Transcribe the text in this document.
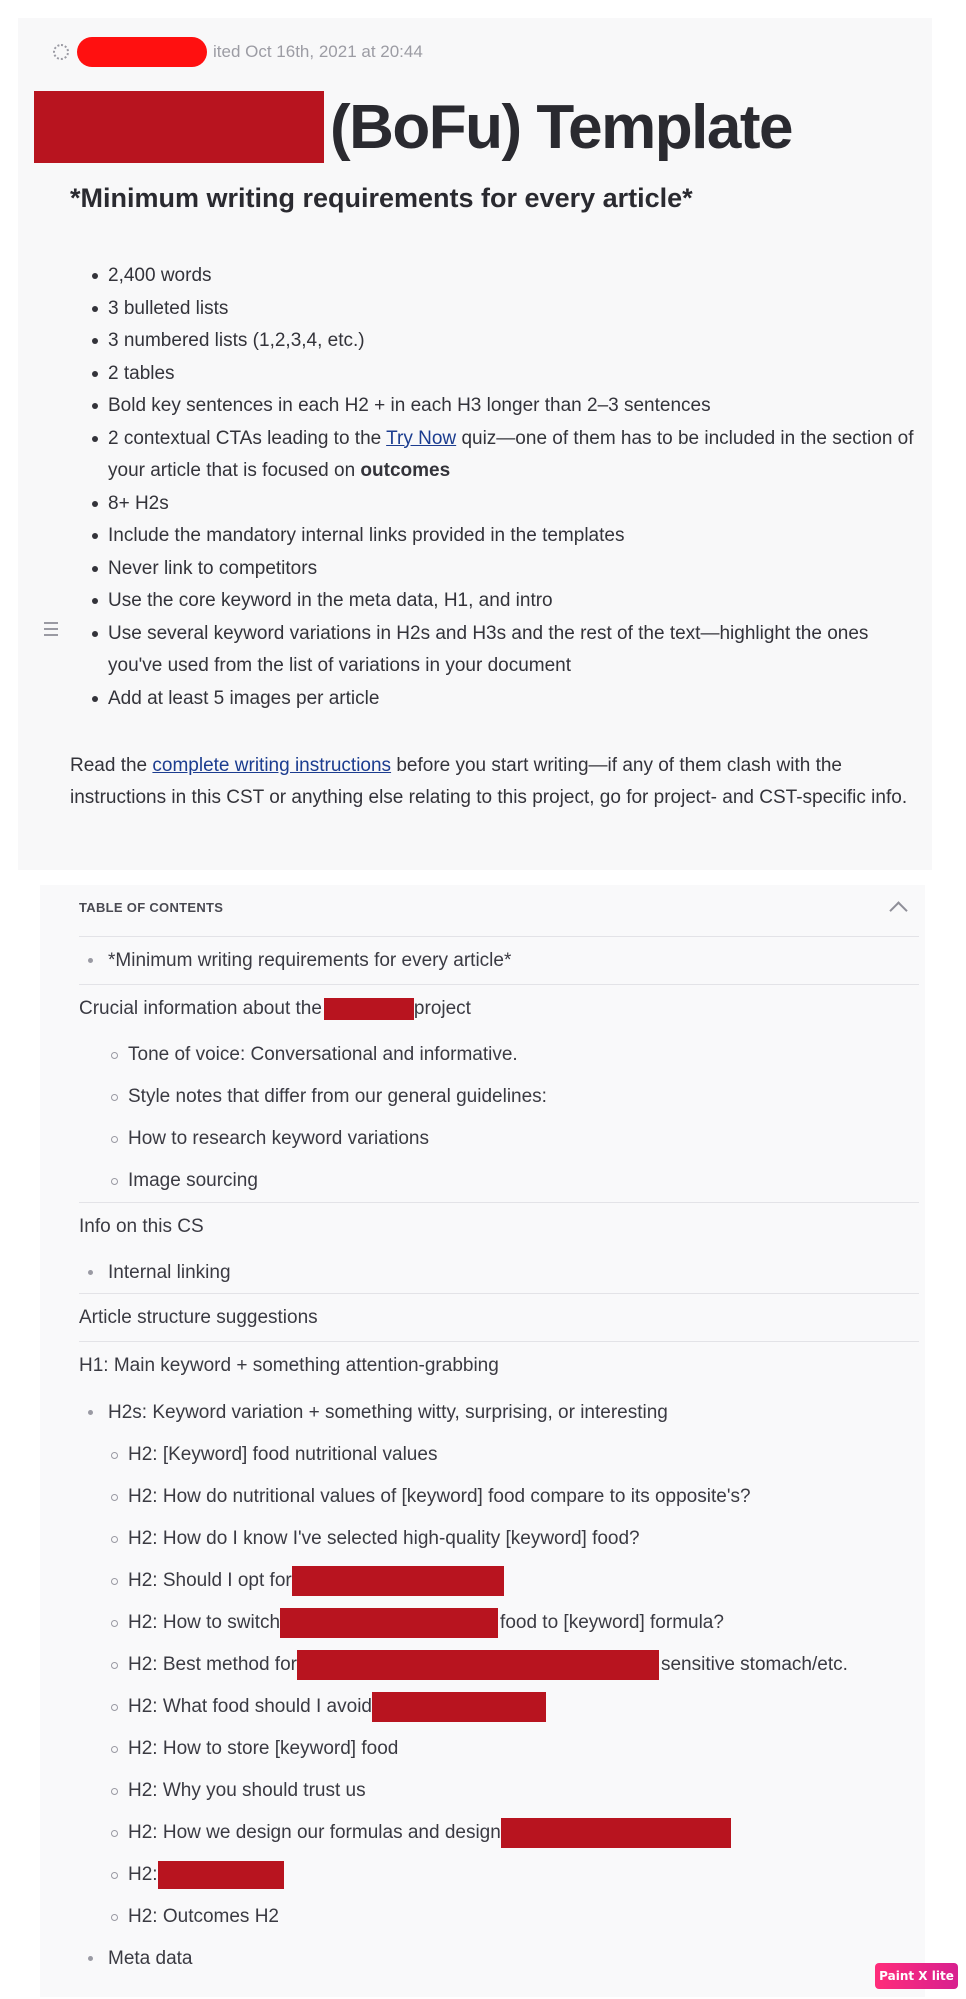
ited Oct 16th, 2021 at 20:44
(BoFu) Template
*Minimum writing requirements for every article*
2,400 words
3 bulleted lists
3 numbered lists (1,2,3,4, etc.)
2 tables
Bold key sentences in each H2 + in each H3 longer than 2–3 sentences
2 contextual CTAs leading to the Try Now quiz—one of them has to be included in the section of your article that is focused on outcomes
8+ H2s
Include the mandatory internal links provided in the templates
Never link to competitors
Use the core keyword in the meta data, H1, and intro
Use several keyword variations in H2s and H3s and the rest of the text—highlight the ones you've used from the list of variations in your document
Add at least 5 images per article
Read the complete writing instructions before you start writing—if any of them clash with the instructions in this CST or anything else relating to this project, go for project- and CST-specific info.
TABLE OF CONTENTS
*Minimum writing requirements for every article*
Crucial information about the	project
Tone of voice: Conversational and informative.
Style notes that differ from our general guidelines:
How to research keyword variations
Image sourcing
Info on this CS
Internal linking
Article structure suggestions
H1: Main keyword + something attention-grabbing
H2s: Keyword variation + something witty, surprising, or interesting
H2: [Keyword] food nutritional values
H2: How do nutritional values of [keyword] food compare to its opposite's?
H2: How do I know I've selected high-quality [keyword] food?
H2: Should I opt for
H2: How to switch	food to [keyword] formula?
H2: Best method for	sensitive stomach/etc.
H2: What food should I avoid
H2: How to store [keyword] food
H2: Why you should trust us
H2: How we design our formulas and design
H2:
H2: Outcomes H2
Meta data
Paint X lite
